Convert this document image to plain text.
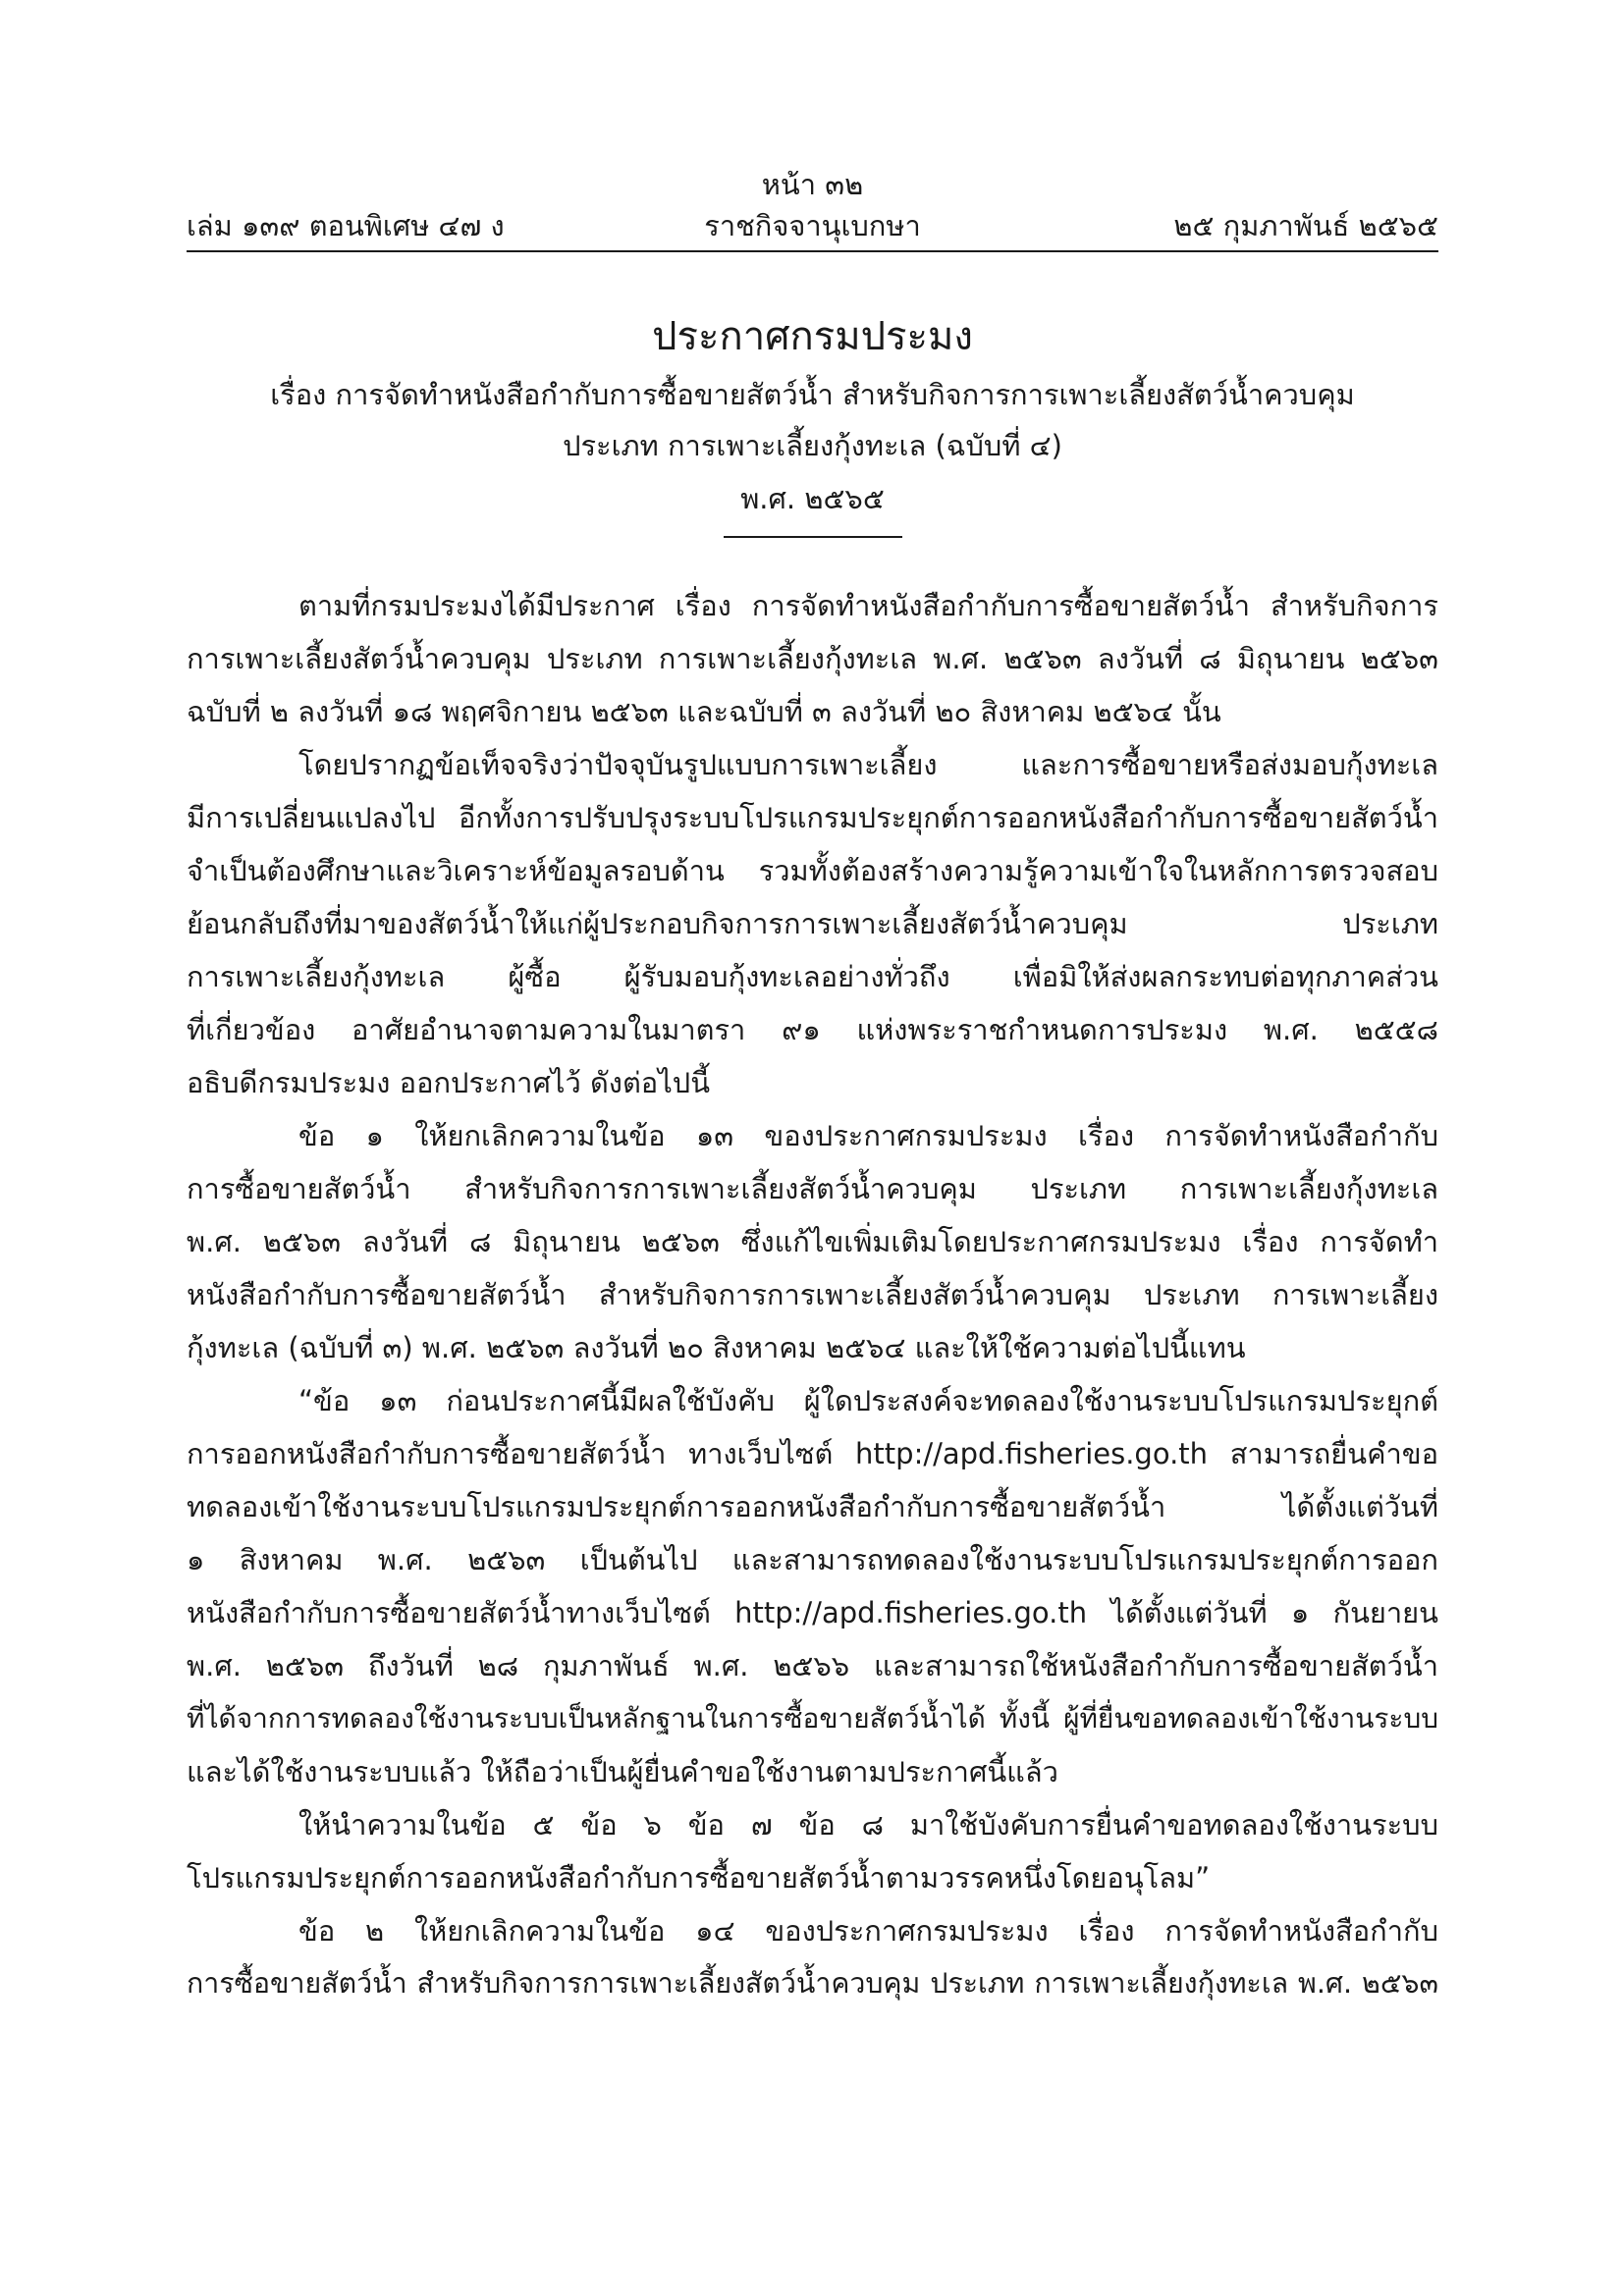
หน้า ๓๒
เล่ม ๑๓๙ ตอนพิเศษ ๔๗ ง	ราชกิจจานุเบกษา	๒๕ กุมภาพันธ์ ๒๕๖๕
ประกาศกรมประมง
เรื่อง การจัดทำหนังสือกำกับการซื้อขายสัตว์น้ำ สำหรับกิจการการเพาะเลี้ยงสัตว์น้ำควบคุม
ประเภท การเพาะเลี้ยงกุ้งทะเล (ฉบับที่ ๔)
พ.ศ. ๒๕๖๕
ตามที่กรมประมงได้มีประกาศ เรื่อง การจัดทำหนังสือกำกับการซื้อขายสัตว์น้ำ สำหรับกิจการ
การเพาะเลี้ยงสัตว์น้ำควบคุม ประเภท การเพาะเลี้ยงกุ้งทะเล พ.ศ. ๒๕๖๓ ลงวันที่ ๘ มิถุนายน ๒๕๖๓
ฉบับที่ ๒ ลงวันที่ ๑๘ พฤศจิกายน ๒๕๖๓ และฉบับที่ ๓ ลงวันที่ ๒๐ สิงหาคม ๒๕๖๔ นั้น
โดยปรากฏข้อเท็จจริงว่าปัจจุบันรูปแบบการเพาะเลี้ยง และการซื้อขายหรือส่งมอบกุ้งทะเล
มีการเปลี่ยนแปลงไป อีกทั้งการปรับปรุงระบบโปรแกรมประยุกต์การออกหนังสือกำกับการซื้อขายสัตว์น้ำ
จำเป็นต้องศึกษาและวิเคราะห์ข้อมูลรอบด้าน รวมทั้งต้องสร้างความรู้ความเข้าใจในหลักการตรวจสอบ
ย้อนกลับถึงที่มาของสัตว์น้ำให้แก่ผู้ประกอบกิจการการเพาะเลี้ยงสัตว์น้ำควบคุม ประเภท
การเพาะเลี้ยงกุ้งทะเล ผู้ซื้อ ผู้รับมอบกุ้งทะเลอย่างทั่วถึง เพื่อมิให้ส่งผลกระทบต่อทุกภาคส่วน
ที่เกี่ยวข้อง อาศัยอำนาจตามความในมาตรา ๙๑ แห่งพระราชกำหนดการประมง พ.ศ. ๒๕๕๘
อธิบดีกรมประมง ออกประกาศไว้ ดังต่อไปนี้
ข้อ ๑ ให้ยกเลิกความในข้อ ๑๓ ของประกาศกรมประมง เรื่อง การจัดทำหนังสือกำกับ
การซื้อขายสัตว์น้ำ สำหรับกิจการการเพาะเลี้ยงสัตว์น้ำควบคุม ประเภท การเพาะเลี้ยงกุ้งทะเล
พ.ศ. ๒๕๖๓ ลงวันที่ ๘ มิถุนายน ๒๕๖๓ ซึ่งแก้ไขเพิ่มเติมโดยประกาศกรมประมง เรื่อง การจัดทำ
หนังสือกำกับการซื้อขายสัตว์น้ำ สำหรับกิจการการเพาะเลี้ยงสัตว์น้ำควบคุม ประเภท การเพาะเลี้ยง
กุ้งทะเล (ฉบับที่ ๓) พ.ศ. ๒๕๖๓ ลงวันที่ ๒๐ สิงหาคม ๒๕๖๔ และให้ใช้ความต่อไปนี้แทน
“ข้อ ๑๓ ก่อนประกาศนี้มีผลใช้บังคับ ผู้ใดประสงค์จะทดลองใช้งานระบบโปรแกรมประยุกต์
การออกหนังสือกำกับการซื้อขายสัตว์น้ำ ทางเว็บไซต์ http://apd.fisheries.go.th สามารถยื่นคำขอ
ทดลองเข้าใช้งานระบบโปรแกรมประยุกต์การออกหนังสือกำกับการซื้อขายสัตว์น้ำ ได้ตั้งแต่วันที่
๑ สิงหาคม พ.ศ. ๒๕๖๓ เป็นต้นไป และสามารถทดลองใช้งานระบบโปรแกรมประยุกต์การออก
หนังสือกำกับการซื้อขายสัตว์น้ำทางเว็บไซต์ http://apd.fisheries.go.th ได้ตั้งแต่วันที่ ๑ กันยายน
พ.ศ. ๒๕๖๓ ถึงวันที่ ๒๘ กุมภาพันธ์ พ.ศ. ๒๕๖๖ และสามารถใช้หนังสือกำกับการซื้อขายสัตว์น้ำ
ที่ได้จากการทดลองใช้งานระบบเป็นหลักฐานในการซื้อขายสัตว์น้ำได้ ทั้งนี้ ผู้ที่ยื่นขอทดลองเข้าใช้งานระบบ
และได้ใช้งานระบบแล้ว ให้ถือว่าเป็นผู้ยื่นคำขอใช้งานตามประกาศนี้แล้ว
ให้นำความในข้อ ๕ ข้อ ๖ ข้อ ๗ ข้อ ๘ มาใช้บังคับการยื่นคำขอทดลองใช้งานระบบ
โปรแกรมประยุกต์การออกหนังสือกำกับการซื้อขายสัตว์น้ำตามวรรคหนึ่งโดยอนุโลม”
ข้อ ๒ ให้ยกเลิกความในข้อ ๑๔ ของประกาศกรมประมง เรื่อง การจัดทำหนังสือกำกับ
การซื้อขายสัตว์น้ำ สำหรับกิจการการเพาะเลี้ยงสัตว์น้ำควบคุม ประเภท การเพาะเลี้ยงกุ้งทะเล พ.ศ. ๒๕๖๓
